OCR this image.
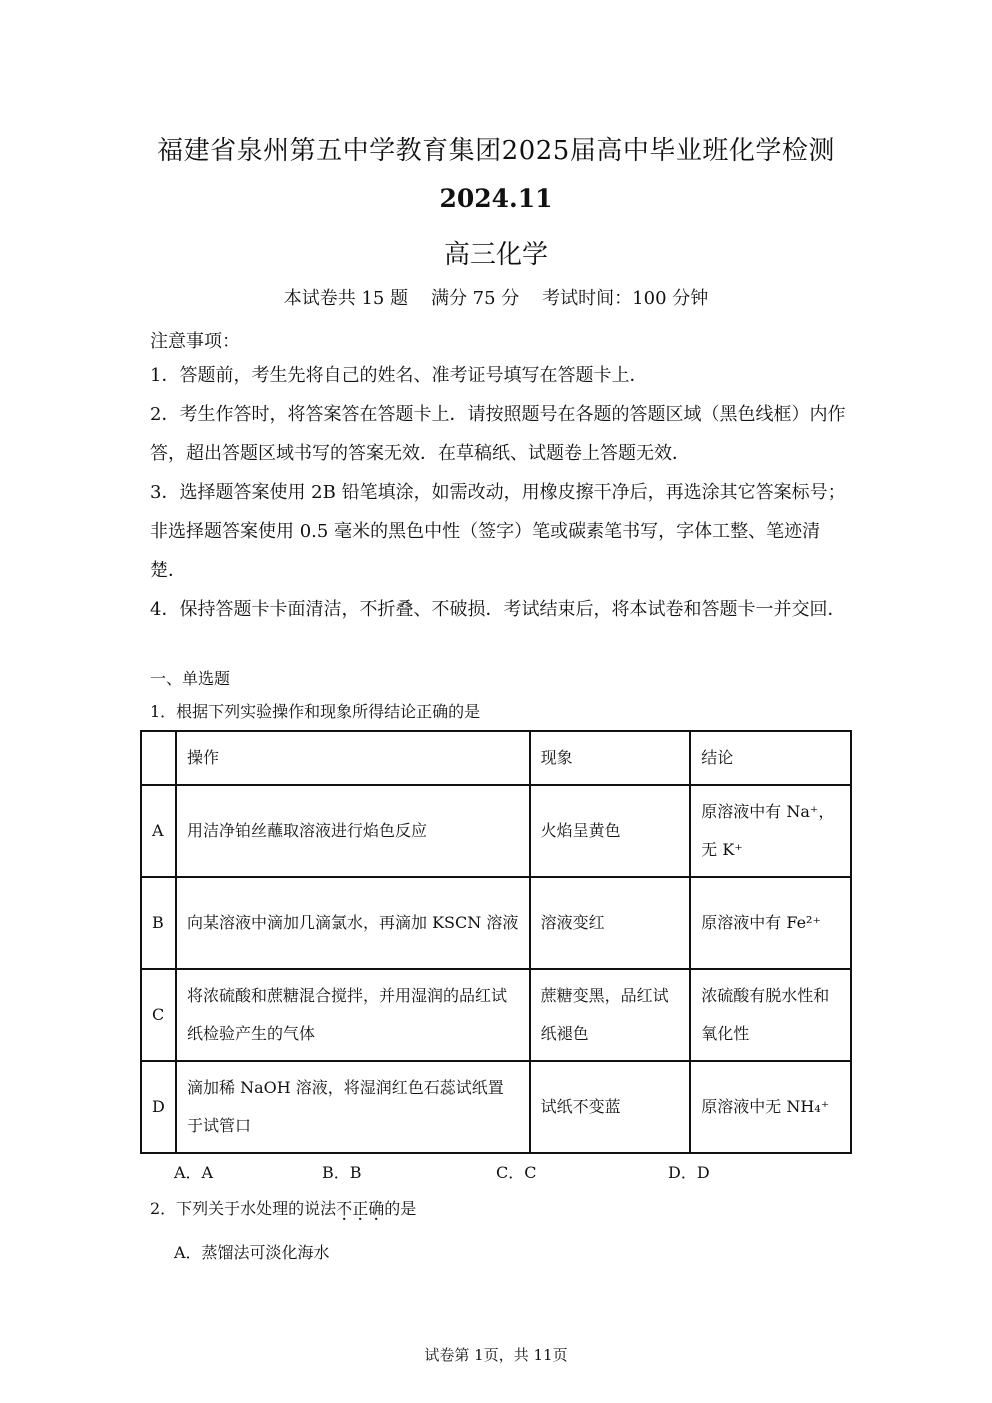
福建省泉州第五中学教育集团2025届高中毕业班化学检测
2024.11
高三化学
本试卷共 15 题    满分 75 分    考试时间：100 分钟
注意事项：
1．答题前，考生先将自己的姓名、准考证号填写在答题卡上．
2．考生作答时，将答案答在答题卡上．请按照题号在各题的答题区域（黑色线框）内作答，超出答题区域书写的答案无效．在草稿纸、试题卷上答题无效．
3．选择题答案使用 2B 铅笔填涂，如需改动，用橡皮擦干净后，再选涂其它答案标号；非选择题答案使用 0.5 毫米的黑色中性（签字）笔或碳素笔书写，字体工整、笔迹清楚．
4．保持答题卡卡面清洁，不折叠、不破损．考试结束后，将本试卷和答题卡一并交回．
一、单选题
1．根据下列实验操作和现象所得结论正确的是
	操作	现象	结论
A	用洁净铂丝蘸取溶液进行焰色反应	火焰呈黄色	原溶液中有 Na⁺，
无 K⁺

B	向某溶液中滴加几滴氯水，再滴加 KSCN 溶液	溶液变红	原溶液中有 Fe²⁺
C	将浓硫酸和蔗糖混合搅拌，并用湿润的品红试纸检验产生的气体	蔗糖变黑，品红试纸褪色	浓硫酸有脱水性和氧化性
D	滴加稀 NaOH 溶液，将湿润红色石蕊试纸置于试管口	试纸不变蓝	原溶液中无 NH₄⁺
A．A	B．B	C．C	D．D
2．下列关于水处理的说法不正确的是
A．蒸馏法可淡化海水
试卷第 1页，共 11页
